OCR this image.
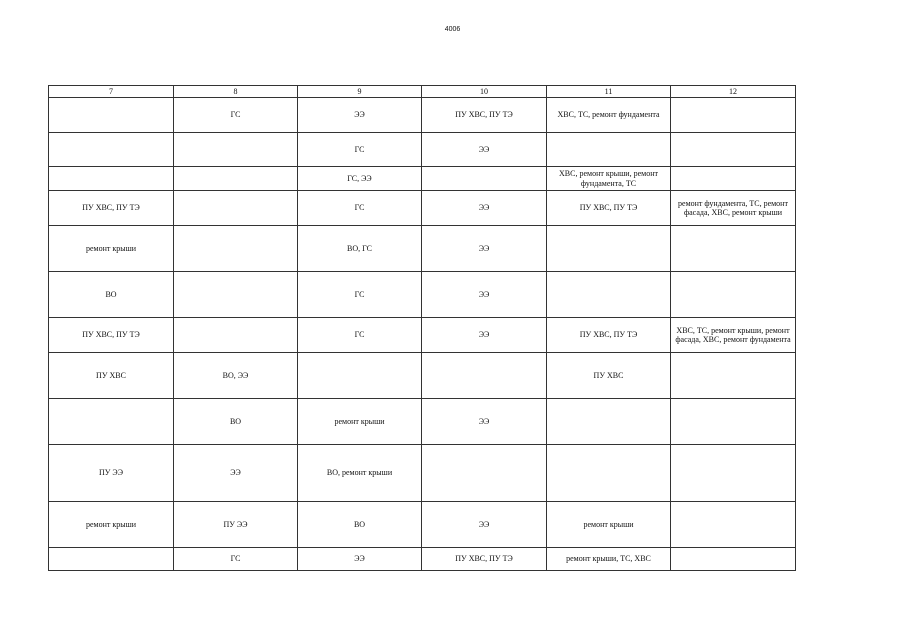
4006
7	8	9	10	11	12
	ГС	ЭЭ	ПУ ХВС, ПУ ТЭ	ХВС, ТС, ремонт фундамента	
		ГС	ЭЭ		
		ГС, ЭЭ		ХВС, ремонт крыши, ремонт фундамента, ТС	
ПУ ХВС, ПУ ТЭ		ГС	ЭЭ	ПУ ХВС, ПУ ТЭ	ремонт фундамента, ТС, ремонт фасада, ХВС, ремонт крыши
ремонт крыши		ВО, ГС	ЭЭ		
ВО		ГС	ЭЭ		
ПУ ХВС, ПУ ТЭ		ГС	ЭЭ	ПУ ХВС, ПУ ТЭ	ХВС, ТС, ремонт крыши, ремонт фасада, ХВС, ремонт фундамента
ПУ ХВС	ВО, ЭЭ			ПУ ХВС	
	ВО	ремонт крыши	ЭЭ		
ПУ ЭЭ	ЭЭ	ВО, ремонт крыши			
ремонт крыши	ПУ ЭЭ	ВО	ЭЭ	ремонт крыши	
	ГС	ЭЭ	ПУ ХВС, ПУ ТЭ	ремонт крыши, ТС, ХВС	
